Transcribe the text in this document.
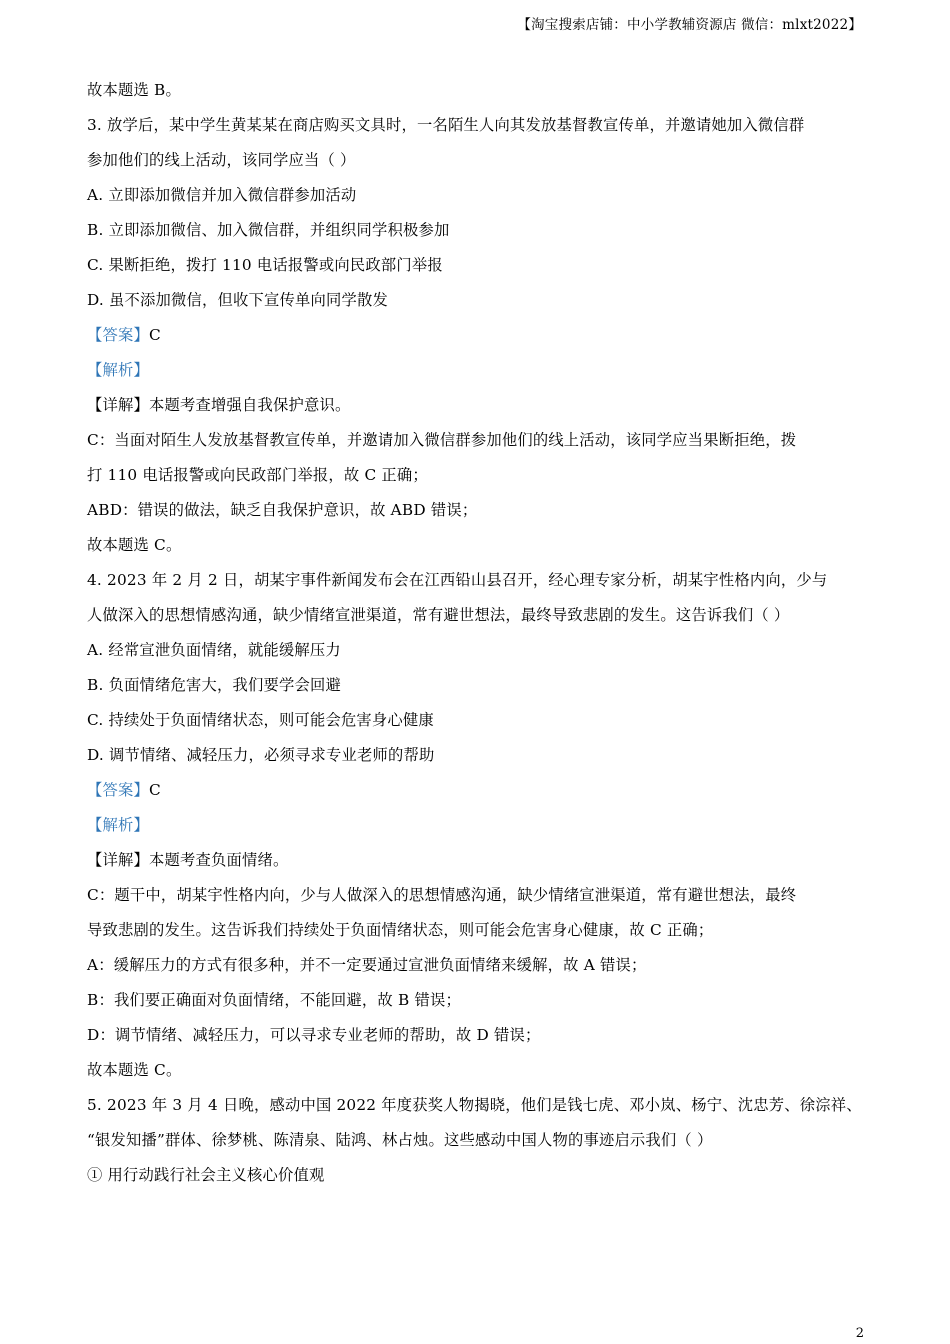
【淘宝搜索店铺：中小学教辅资源店 微信：mlxt2022】
故本题选 B。
3. 放学后，某中学生黄某某在商店购买文具时，一名陌生人向其发放基督教宣传单，并邀请她加入微信群
参加他们的线上活动，该同学应当（ ）
A. 立即添加微信并加入微信群参加活动
B. 立即添加微信、加入微信群，并组织同学积极参加
C. 果断拒绝，拨打 110 电话报警或向民政部门举报
D. 虽不添加微信，但收下宣传单向同学散发
【答案】C
【解析】
【详解】本题考查增强自我保护意识。
C：当面对陌生人发放基督教宣传单，并邀请加入微信群参加他们的线上活动，该同学应当果断拒绝，拨
打 110 电话报警或向民政部门举报，故 C 正确；
ABD：错误的做法，缺乏自我保护意识，故 ABD 错误；
故本题选 C。
4. 2023 年 2 月 2 日，胡某宇事件新闻发布会在江西铅山县召开，经心理专家分析，胡某宇性格内向，少与
人做深入的思想情感沟通，缺少情绪宣泄渠道，常有避世想法，最终导致悲剧的发生。这告诉我们（ ）
A. 经常宣泄负面情绪，就能缓解压力
B. 负面情绪危害大，我们要学会回避
C. 持续处于负面情绪状态，则可能会危害身心健康
D. 调节情绪、减轻压力，必须寻求专业老师的帮助
【答案】C
【解析】
【详解】本题考查负面情绪。
C：题干中，胡某宇性格内向，少与人做深入的思想情感沟通，缺少情绪宣泄渠道，常有避世想法，最终
导致悲剧的发生。这告诉我们持续处于负面情绪状态，则可能会危害身心健康，故 C 正确；
A：缓解压力的方式有很多种，并不一定要通过宣泄负面情绪来缓解，故 A 错误；
B：我们要正确面对负面情绪，不能回避，故 B 错误；
D：调节情绪、减轻压力，可以寻求专业老师的帮助，故 D 错误；
故本题选 C。
5. 2023 年 3 月 4 日晚，感动中国 2022 年度获奖人物揭晓，他们是钱七虎、邓小岚、杨宁、沈忠芳、徐淙祥、
“银发知播”群体、徐梦桃、陈清泉、陆鸿、林占烛。这些感动中国人物的事迹启示我们（ ）
① 用行动践行社会主义核心价值观
2
